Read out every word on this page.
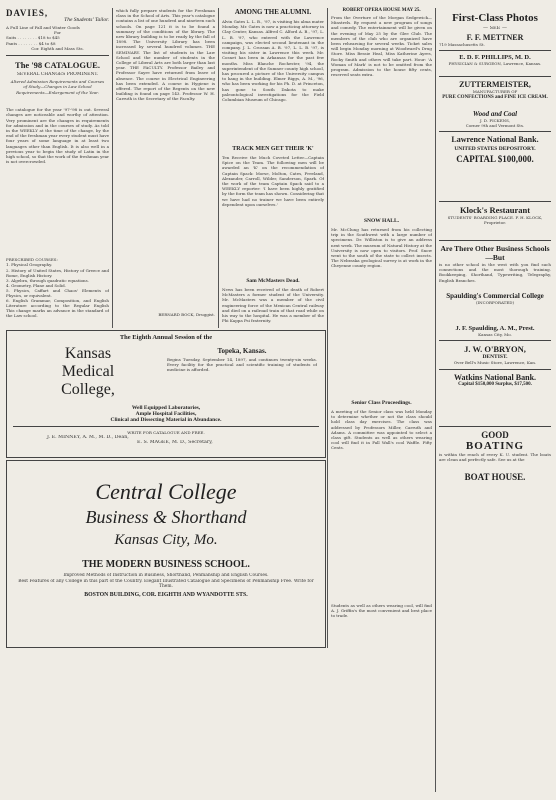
DAVIES,
The Students' Tailor.
A Full Line of Fall and Winter Goods
For
Suits . . . . . . . . $18 to $45
Pants . . . . . . . . $4 to $8
Cor. Eighth and Mass Sts.
The '98 CATALOGUE.
SEVERAL CHANGES PROMINENT.
Altered Admission Requirements and Courses of Study—Changes in Law School Requirements—Enlargement of the Year.
The catalogue for the year '97-'98 is out. Several changes are noticeable and worthy of attention. Very prominent are the changes in requirements for admission and in the courses of study. As told in the WEEKLY at the time of the change, by the end of the freshman year every student must have four years of some language in at least two languages other than English. It is also well in a previous year to begin the study of Latin in the high school, so that the work of the freshman year is not overcrowded.
PRESCRIBED COURSES:
1. Physical Geography.
2. History of United States, History of Greece and Rome, English History.
3. Algebra, through quadratic equations.
4. Geometry, Plane and Solid.
5. Physics, Caffart and Chaos' Elements of Physics, or equivalent.
6. English Grammar, Composition, and English Literature according to the Regular English
This change marks an advance in the standard of the Law school.
which fully prepare students for the Freshman class in the School of Arts. This year's catalogue contains a list of one hundred and nineteen such schools. On page 121 it is to be found a summary of the conditions of the library. The new library building is to be ready by the fall of 1898. The University Library has been increased by several hundred volumes. THE SEMINARY. The list of students in the Law School and the number of students in the College of Liberal Arts are both larger than last year. THE FACULTY. Professor Bailey and Professor Sayre have returned from leave of absence. The course in Electrical Engineering has been extended. A course in Hygiene is offered. The report of the Regents on the new building is found on page 143. Professor W. H. Carruth is the Secretary of the Faculty.
BERNARD BOCK, Druggist.
AMONG THE ALUMNI.
Alvin Gates L. L. B., '97, is visiting his alma mater Monday. Mr. Gates is now a practicing attorney in Clay Center, Kansas. Alfred C. Alford A. B., '97, L. L. B. '97, who entered with the Lawrence campaign, was elected second lieutenant in the company. J. L. Crossan A. B. '97, L. L. B. '97, is visiting his sister in Lawrence this week. Mr. Cosnet has been in Arkansas for the past few months. Miss Blanche Rochester, '94, the superintendent of the Sumner county high school, has procured a picture of the University campus to hang in the building. Elmer Riggs, A. M., '96, who has been working for his Ph. D. at Princeton, has gone to South Dakota to make paleontological investigations for the Field Columbian Museum of Chicago.
TRACK MEN GET THEIR 'K'
Ten Receive the Much Coveted Letter—Captain Spice on the Team. The following men will be awarded an 'K' on the recommendation of Captain Spack: Morse, Molton, Cates, Freeland, Alexander, Carroll, Wilder, Sanderson, Spark. Of the work of the team Captain Spack said to a WEEKLY reporter: 'I have been highly gratified by the form the team has shown. Considering that we have had no trainer we have been entirely dependent upon ourselves.'
Sam McMasters Dead.
News has been received of the death of Robert McMasters a former student of the University. Mr. McMasters was a member of the civil engineering force of the Mexican Central railway and died on a railroad train of that road while on his way to the hospital. He was a member of the Phi Kappa Psi fraternity.
ROBERT OPERA HOUSE MAY 25.
From the Overture of the Morgan Sedgewick—Minstrels. By request a new program of songs and comedy. The entertainment will be given on the evening of May 25 by the Glee Club. The members of the club who are organized have been rehearsing for several weeks. Ticket sales will begin Monday morning at Woodward's Drug Store. Miss Bessie Heal, Miss Katherine Ayres, Rocky Smith and others will take part. Hour: 'A Woman of Mark' is not to be omitted from the program. Admission to the house fifty cents, reserved seats extra.
SNOW HALL.
Mr. McClung has returned from his collecting trip in the Southwest with a large number of specimens. Dr. Williston is to give an address next week. The museum of Natural History at the University is now open to visitors. Prof. Snow went to the south of the state to collect insects. The Nebraska geological survey is at work in the Cheyenne county region.
Senior Class Proceedings.
A meeting of the Senior class was held Monday to determine whether or not the class should hold class day exercises. The class was addressed by Professors Miller, Carruth and Adams. A committee was appointed to select a class gift. Students as well as others wearing cool will find it in Fall Wall's cool Waffle. Fifty Cents.
Students as well as others wearing cool, will find A. J. Griffin's the most convenient and best place to trade.
First-Class Photos
— SEE —
F. F. METTNER
719 Massachusetts St.
E. D. F. PHILLIPS, M. D.
PHYSICIAN & SURGEON, Lawrence, Kansas.
ZUTTERMEISTER,
MANUFACTURER OF
PURE CONFECTIONS and FINE ICE CREAM.
Wood and Coal
J. D. PICKENS,
Corner 9th and Vermont Sts.
Lawrence National Bank.
UNITED STATES DEPOSITORY.
CAPITAL $100,000.
Klock's Restaurant
STUDENTS' BOARDING PLACE. F. H. KLOCK, Proprietor.
Are There Other Business Schools—But
is no other school in the west with you find such connections and the most thorough training. Bookkeeping, Shorthand, Typewriting, Telegraphy, English Branches.
Spaulding's Commercial College
(INCORPORATED)
J. F. Spaulding, A. M., Prest.
Kansas City, Mo.
J. W. O'BRYON,
DENTIST.
Over Bell's Music Store, Lawrence, Kan.
Watkins National Bank.
Capital $150,000 Surplus, $17,500.
GOOD
BOATING
is within the reach of every K. U. student. The boats are clean and perfectly safe. See us at the
BOAT HOUSE.
The Eighth Annual Session of the
Kansas
Medical
College,
Topeka, Kansas.
Begins Tuesday, September 14, 1897, and continues twenty-six weeks. Every facility for the practical and scientific training of students of medicine is afforded.
Well Equipped Laboratories,
Ample Hospital Facilities,
Clinical and Dissecting Material in Abundance.
WRITE FOR CATALOGUE AND FREE.
J. E. MINNEY, A. M., M. D., Dean,
E. S. MAGEE, M. D., Secretary,
Central College
Business & Shorthand
Kansas City, Mo.
THE MODERN BUSINESS SCHOOL.
Improved Methods of Instruction in Business, Shorthand, Penmanship and English Courses.
Best Features of any College in this part of the Country. Elegant Illustrated Catalogue and Specimens of Penmanship Free. Write for Them.
BOSTON BUILDING, COR. EIGHTH AND WYANDOTTE STS.
